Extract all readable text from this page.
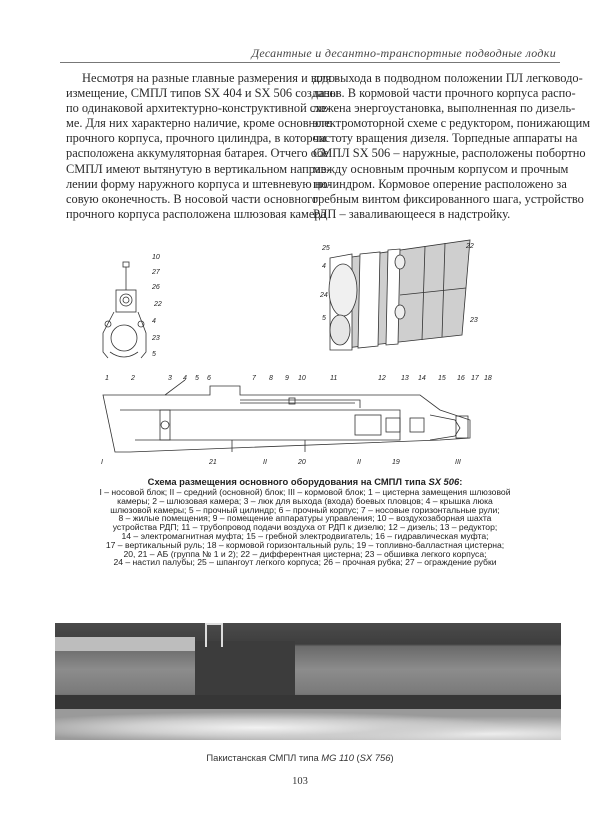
Десантные и десантно-транспортные подводные лодки
Несмотря на разные главные размерения и водо-
измещение, СМПЛ типов SX 404 и SX 506 созданы
по одинаковой архитектурно-конструктивной схе-
ме. Для них характерно наличие, кроме основного
прочного корпуса, прочного цилиндра, в котором
расположена аккумуляторная батарея. Отчего обе
СМПЛ имеют вытянутую в вертикальном направ-
лении форму наружного корпуса и штевневую но-
совую оконечность. В носовой части основного
прочного корпуса расположена шлюзовая камера
для выхода в подводном положении ПЛ легководо-
лазов. В кормовой части прочного корпуса распо-
ложена энергоустановка, выполненная по дизель-
электромоторной схеме с редуктором, понижающим
частоту вращения дизеля. Торпедные аппараты на
СМПЛ SX 506 – наружные, расположены побортно
между основным прочным корпусом и прочным
цилиндром. Кормовое оперение расположено за
гребным винтом фиксированного шага, устройство
РДП – заваливающееся в надстройку.
10
27
26
22
4
23
5
25
4
24
5
22
23
1	2	3 4 5 6	7 8 9 10	11	12 13 14 15 16 17 18
I	21	II	20	II	19	III
Схема размещения основного оборудования на СМПЛ типа SX 506:
I – носовой блок; II – средний (основной) блок; III – кормовой блок; 1 – цистерна замещения шлюзовой
камеры; 2 – шлюзовая камера; 3 – люк для выхода (входа) боевых пловцов; 4 – крышка люка
шлюзовой камеры; 5 – прочный цилиндр; 6 – прочный корпус; 7 – носовые горизонтальные рули;
8 – жилые помещения; 9 – помещение аппаратуры управления; 10 – воздухозаборная шахта
устройства РДП; 11 – трубопровод подачи воздуха от РДП к дизелю; 12 – дизель; 13 – редуктор;
14 – электромагнитная муфта; 15 – гребной электродвигатель; 16 – гидравлическая муфта;
17 – вертикальный руль; 18 – кормовой горизонтальный руль; 19 – топливно-балластная цистерна;
20, 21 – АБ (группа № 1 и 2); 22 – дифферентная цистерна; 23 – обшивка легкого корпуса;
24 – настил палубы; 25 – шпангоут легкого корпуса; 26 – прочная рубка; 27 – ограждение рубки
Пакистанская СМПЛ типа MG 110 (SX 756)
103
